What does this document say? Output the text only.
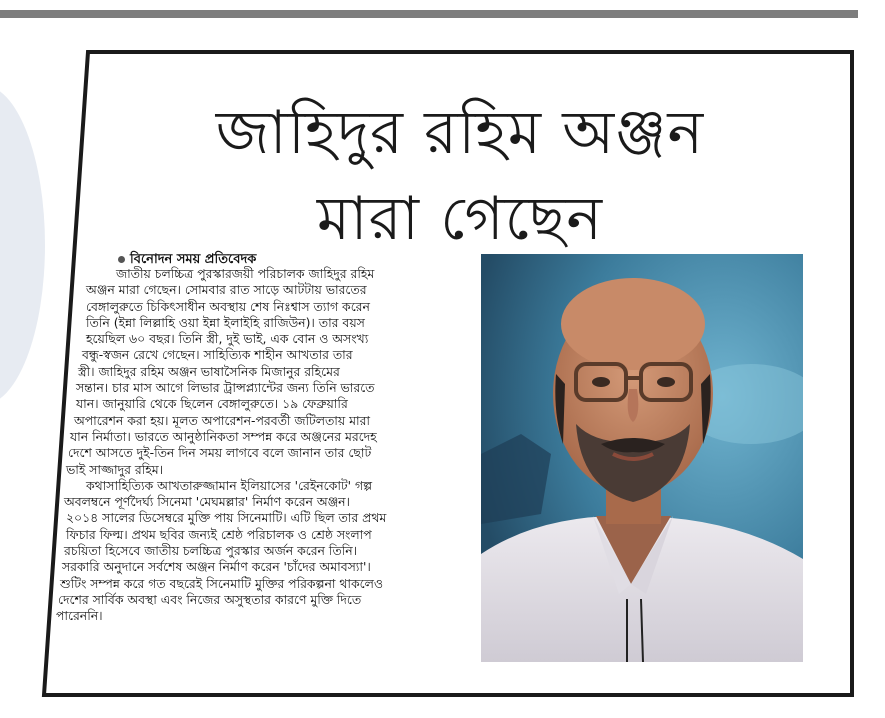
জাহিদুর রহিম অঞ্জন
মারা গেছেন
বিনোদন সময় প্রতিবেদক
জাতীয় চলচ্চিত্র পুরস্কারজয়ী পরিচালক জাহিদুর রহিম
অঞ্জন মারা গেছেন। সোমবার রাত সাড়ে আটটায় ভারতের
বেঙ্গালুরুতে চিকিৎসাধীন অবস্থায় শেষ নিঃশ্বাস ত্যাগ করেন
তিনি (ইন্না লিল্লাহি ওয়া ইন্না ইলাইহি রাজিউন)। তার বয়স
হয়েছিল ৬০ বছর। তিনি স্ত্রী, দুই ভাই, এক বোন ও অসংখ্য
বন্ধু-স্বজন রেখে গেছেন। সাহিত্যিক শাহীন আখতার তার
স্ত্রী। জাহিদুর রহিম অঞ্জন ভাষাসৈনিক মিজানুর রহিমের
সন্তান। চার মাস আগে লিভার ট্রান্সপ্ল্যান্টের জন্য তিনি ভারতে
যান। জানুয়ারি থেকে ছিলেন বেঙ্গালুরুতে। ১৯ ফেব্রুয়ারি
অপারেশন করা হয়। মূলত অপারেশন-পরবর্তী জটিলতায় মারা
যান নির্মাতা। ভারতে আনুষ্ঠানিকতা সম্পন্ন করে অঞ্জনের মরদেহ
দেশে আসতে দুই-তিন দিন সময় লাগবে বলে জানান তার ছোট
ভাই সাজ্জাদুর রহিম।
কথাসাহিত্যিক আখতারুজ্জামান ইলিয়াসের 'রেইনকোট' গল্প
অবলম্বনে পূর্ণদৈর্ঘ্য সিনেমা 'মেঘমল্লার' নির্মাণ করেন অঞ্জন।
২০১৪ সালের ডিসেম্বরে মুক্তি পায় সিনেমাটি। এটি ছিল তার প্রথম
ফিচার ফিল্ম। প্রথম ছবির জন্যই শ্রেষ্ঠ পরিচালক ও শ্রেষ্ঠ সংলাপ
রচয়িতা হিসেবে জাতীয় চলচ্চিত্র পুরস্কার অর্জন করেন তিনি।
সরকারি অনুদানে সর্বশেষ অঞ্জন নির্মাণ করেন 'চাঁদের অমাবস্যা'।
শুটিং সম্পন্ন করে গত বছরেই সিনেমাটি মুক্তির পরিকল্পনা থাকলেও
দেশের সার্বিক অবস্থা এবং নিজের অসুস্থতার কারণে মুক্তি দিতে
পারেননি।
